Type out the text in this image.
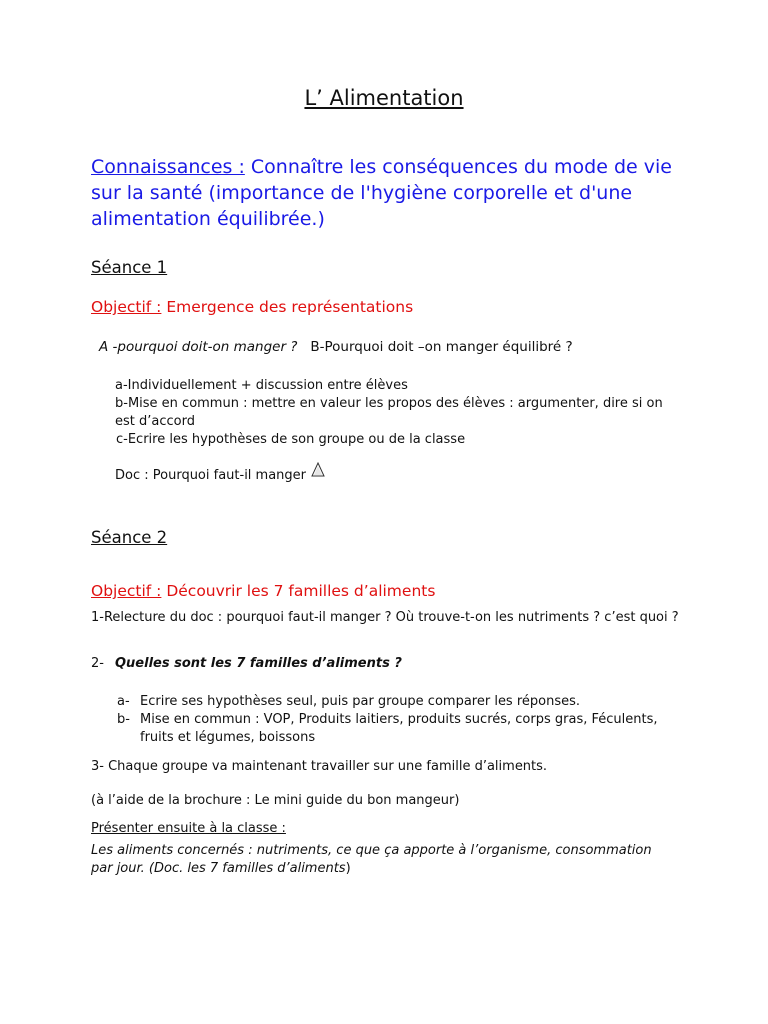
L’ Alimentation
Connaissances : Connaître les conséquences du mode de vie sur la santé (importance de l'hygiène corporelle et d'une alimentation équilibrée.)
Séance 1
Objectif : Emergence des représentations
A -pourquoi doit-on manger ? B-Pourquoi doit –on manger équilibré ?
a-Individuellement + discussion entre élèves
b-Mise en commun : mettre en valeur les propos des élèves : argumenter, dire si on est d’accord
c-Ecrire les hypothèses de son groupe ou de la classe
Doc : Pourquoi faut-il manger
Séance 2
Objectif : Découvrir les 7 familles d’aliments
1-Relecture du doc : pourquoi faut-il manger ? Où trouve-t-on les nutriments ? c’est quoi ?
2- Quelles sont les 7 familles d’aliments ?
a- Ecrire ses hypothèses seul, puis par groupe comparer les réponses.
b- Mise en commun : VOP, Produits laitiers, produits sucrés, corps gras, Féculents, fruits et légumes, boissons
3- Chaque groupe va maintenant travailler sur une famille d’aliments.
(à l’aide de la brochure : Le mini guide du bon mangeur)
Présenter ensuite à la classe :
Les aliments concernés : nutriments, ce que ça apporte à l’organisme, consommation par jour. (Doc. les 7 familles d’aliments)
